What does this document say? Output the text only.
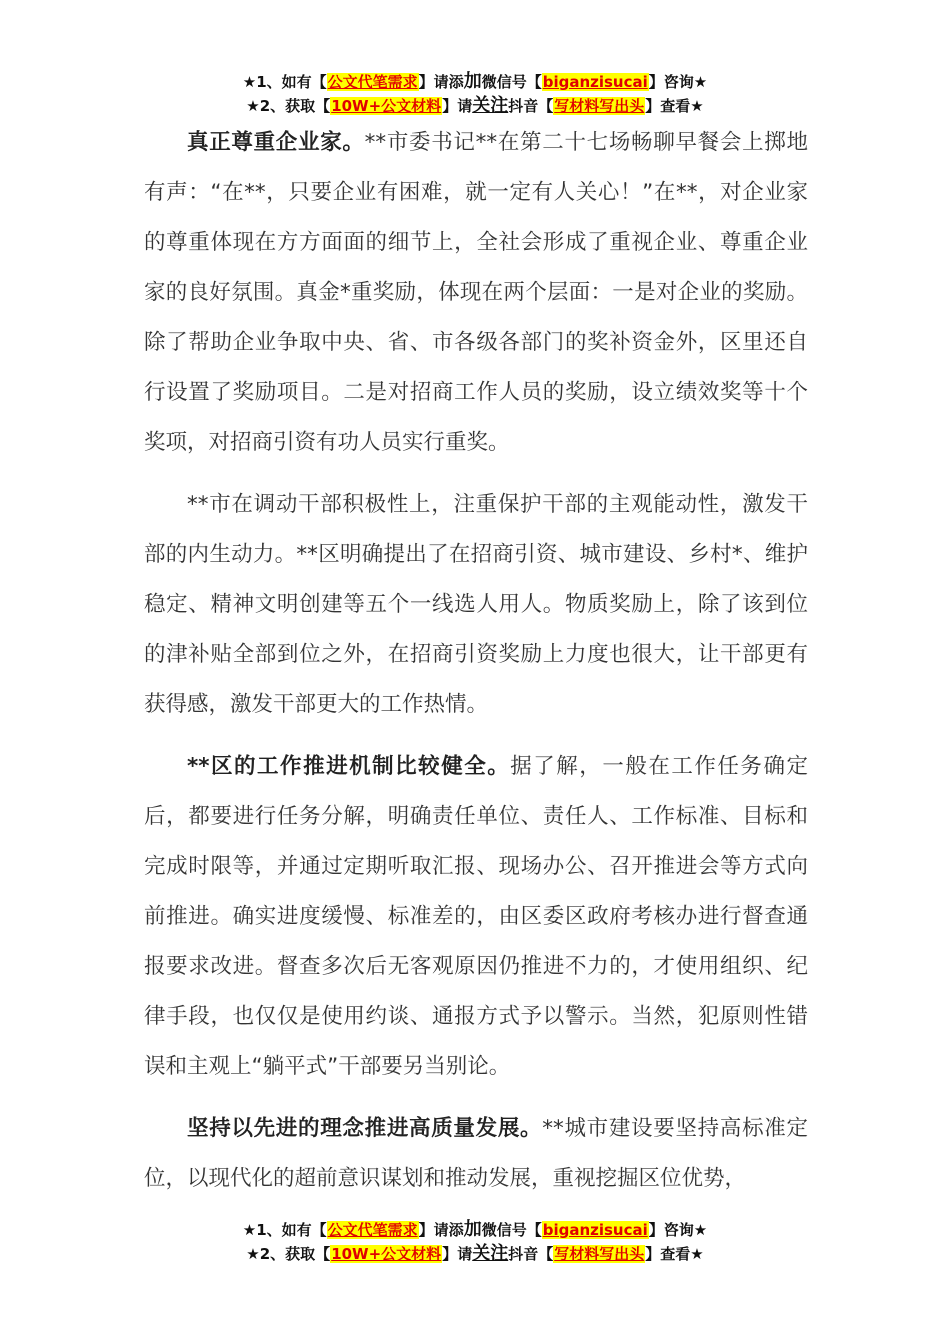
★1、如有【公文代笔需求】请添加微信号【biganzisucai】咨询★
★2、获取【10W+公文材料】请关注抖音【写材料写出头】查看★

真正尊重企业家。**市委书记**在第二十七场畅聊早餐会上掷地有声：“在**，只要企业有困难，就一定有人关心！”在**，对企业家的尊重体现在方方面面的细节上，全社会形成了重视企业、尊重企业家的良好氛围。真金*重奖励，体现在两个层面：一是对企业的奖励。除了帮助企业争取中央、省、市各级各部门的奖补资金外，区里还自行设置了奖励项目。二是对招商工作人员的奖励，设立绩效奖等十个奖项，对招商引资有功人员实行重奖。

**市在调动干部积极性上，注重保护干部的主观能动性，激发干部的内生动力。**区明确提出了在招商引资、城市建设、乡村*、维护稳定、精神文明创建等五个一线选人用人。物质奖励上，除了该到位的津补贴全部到位之外，在招商引资奖励上力度也很大，让干部更有获得感，激发干部更大的工作热情。

**区的工作推进机制比较健全。据了解，一般在工作任务确定后，都要进行任务分解，明确责任单位、责任人、工作标准、目标和完成时限等，并通过定期听取汇报、现场办公、召开推进会等方式向前推进。确实进度缓慢、标准差的，由区委区政府考核办进行督查通报要求改进。督查多次后无客观原因仍推进不力的，才使用组织、纪律手段，也仅仅是使用约谈、通报方式予以警示。当然，犯原则性错误和主观上“躺平式”干部要另当别论。

坚持以先进的理念推进高质量发展。**城市建设要坚持高标准定位，以现代化的超前意识谋划和推动发展，重视挖掘区位优势，

★1、如有【公文代笔需求】请添加微信号【biganzisucai】咨询★
★2、获取【10W+公文材料】请关注抖音【写材料写出头】查看★
